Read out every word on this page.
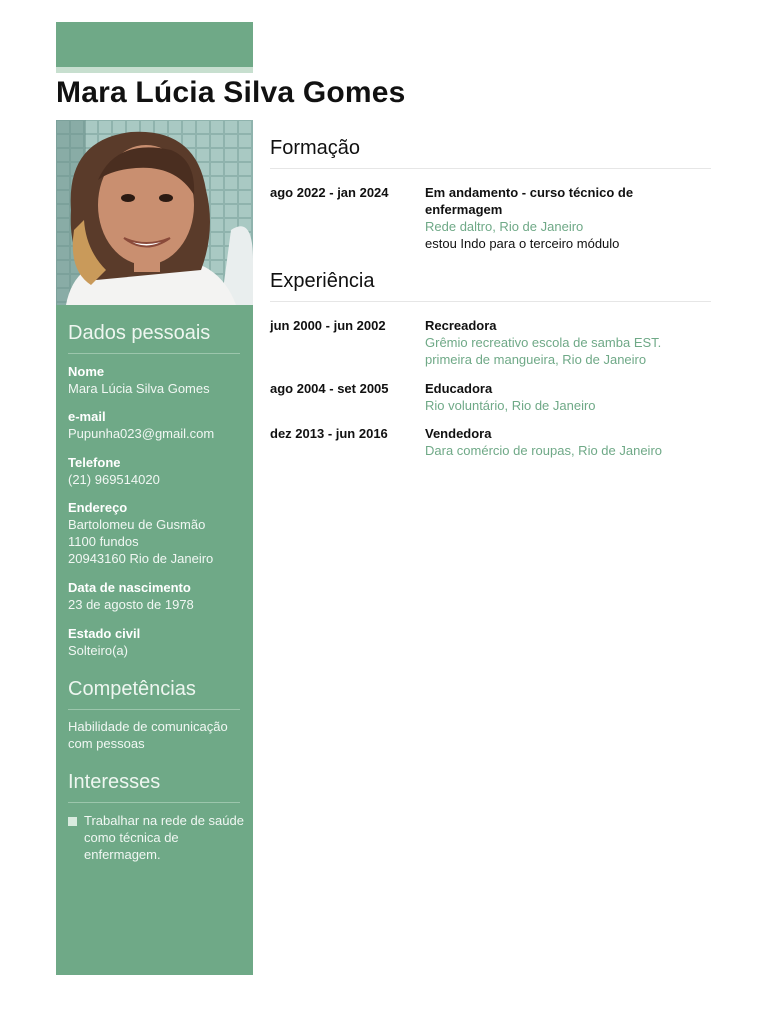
Mara Lúcia Silva Gomes
Dados pessoais
Nome
Mara Lúcia Silva Gomes
e-mail
Pupunha023@gmail.com
Telefone
(21) 969514020
Endereço
Bartolomeu de Gusmão
1100 fundos
20943160 Rio de Janeiro
Data de nascimento
23 de agosto de 1978
Estado civil
Solteiro(a)
Competências
Habilidade de comunicação com pessoas
Interesses
Trabalhar na rede de saúde como técnica de enfermagem.
Formação
ago 2022 - jan 2024	Em andamento - curso técnico de enfermagem
Rede daltro, Rio de Janeiro
estou Indo para o terceiro módulo
Experiência
jun 2000 - jun 2002	Recreadora
Grêmio recreativo escola de samba EST. primeira de mangueira, Rio de Janeiro
ago 2004 - set 2005	Educadora
Rio voluntário, Rio de Janeiro
dez 2013 - jun 2016	Vendedora
Dara comércio de roupas, Rio de Janeiro
